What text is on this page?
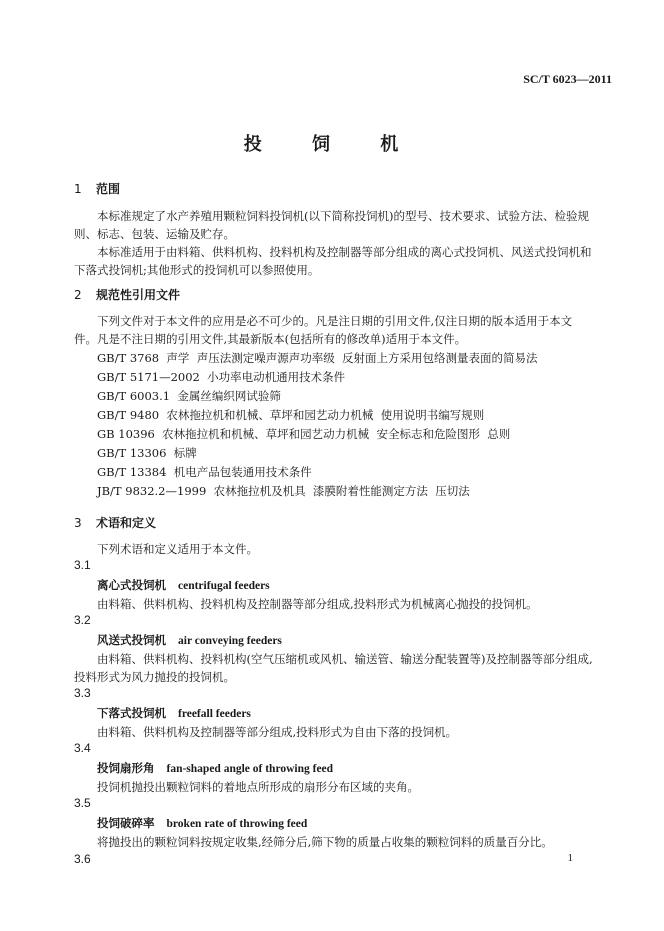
SC/T 6023—2011
投 饲 机
1 范围
本标准规定了水产养殖用颗粒饲料投饲机(以下简称投饲机)的型号、技术要求、试验方法、检验规则、标志、包装、运输及贮存。
本标准适用于由料箱、供料机构、投料机构及控制器等部分组成的离心式投饲机、风送式投饲机和下落式投饲机;其他形式的投饲机可以参照使用。
2 规范性引用文件
下列文件对于本文件的应用是必不可少的。凡是注日期的引用文件,仅注日期的版本适用于本文件。凡是不注日期的引用文件,其最新版本(包括所有的修改单)适用于本文件。
GB/T 3768  声学  声压法测定噪声源声功率级  反射面上方采用包络测量表面的简易法
GB/T 5171—2002  小功率电动机通用技术条件
GB/T 6003.1  金属丝编织网试验筛
GB/T 9480  农林拖拉机和机械、草坪和园艺动力机械  使用说明书编写规则
GB 10396  农林拖拉机和机械、草坪和园艺动力机械  安全标志和危险图形  总则
GB/T 13306  标牌
GB/T 13384  机电产品包装通用技术条件
JB/T 9832.2—1999  农林拖拉机及机具  漆膜附着性能测定方法  压切法
3 术语和定义
下列术语和定义适用于本文件。
3.1
离心式投饲机 centrifugal feeders
由料箱、供料机构、投料机构及控制器等部分组成,投料形式为机械离心抛投的投饲机。
3.2
风送式投饲机 air conveying feeders
由料箱、供料机构、投料机构(空气压缩机或风机、输送管、输送分配装置等)及控制器等部分组成,投料形式为风力抛投的投饲机。
3.3
下落式投饲机 freefall feeders
由料箱、供料机构及控制器等部分组成,投料形式为自由下落的投饲机。
3.4
投饲扇形角 fan-shaped angle of throwing feed
投饲机抛投出颗粒饲料的着地点所形成的扇形分布区域的夹角。
3.5
投饲破碎率 broken rate of throwing feed
将抛投出的颗粒饲料按规定收集,经筛分后,筛下物的质量占收集的颗粒饲料的质量百分比。
3.6	1
